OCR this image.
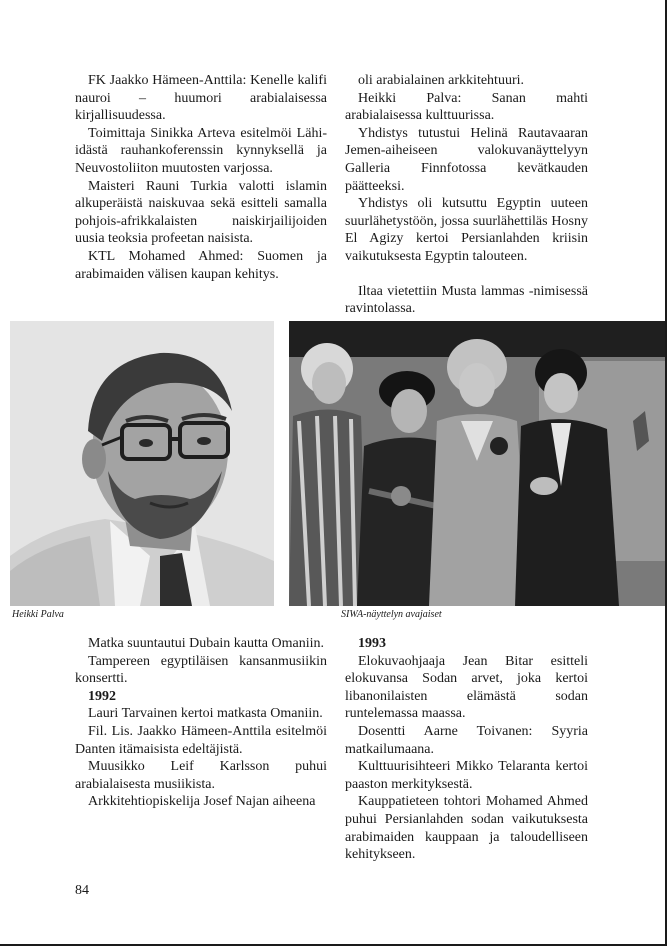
FK Jaakko Hämeen-Anttila: Kenelle kalifi nauroi – huumori arabialaisessa kirjallisuudessa.

Toimittaja Sinikka Arteva esitelmöi Lähi-idästä rauhankoferenssin kynnyksellä ja Neuvostoliiton muutosten varjossa.

Maisteri Rauni Turkia valotti islamin alkuperäistä naiskuvaa sekä esitteli samalla pohjois-afrikkalaisten naiskirjailijoiden uusia teoksia profeetan naisista.

KTL Mohamed Ahmed: Suomen ja arabimaiden välisen kaupan kehitys.

oli arabialainen arkkitehtuuri.

Heikki Palva: Sanan mahti arabialaisessa kulttuurissa.

Yhdistys tutustui Helinä Rautavaaran Jemen-aiheiseen valokuvanäyttelyyn Galleria Finnfotossa kevätkauden päätteeksi.

Yhdistys oli kutsuttu Egyptin uuteen suurlähetystöön, jossa suurlähettiläs Hosny El Agizy kertoi Persianlahden kriisin vaikutuksesta Egyptin talouteen.

Iltaa vietettiin Musta lammas -nimisessä ravintolassa.

Heikki Palva	SIWA-näyttelyn avajaiset

Matka suuntautui Dubain kautta Omaniin.

Tampereen egyptiläisen kansanmusiikin konsertti.

1992

Lauri Tarvainen kertoi matkasta Omaniin.

Fil. Lis. Jaakko Hämeen-Anttila esitelmöi Danten itämaisista edeltäjistä.

Muusikko Leif Karlsson puhui arabialaisesta musiikista.

Arkkitehtiopiskelija Josef Najan aiheena

1993

Elokuvaohjaaja Jean Bitar esitteli elokuvansa Sodan arvet, joka kertoi libanonilaisten elämästä sodan runtelemassa maassa.

Dosentti Aarne Toivanen: Syyria matkailumaana.

Kulttuurisihteeri Mikko Telaranta kertoi paaston merkityksestä.

Kauppatieteen tohtori Mohamed Ahmed puhui Persianlahden sodan vaikutuksesta arabimaiden kauppaan ja taloudelliseen kehitykseen.

84
